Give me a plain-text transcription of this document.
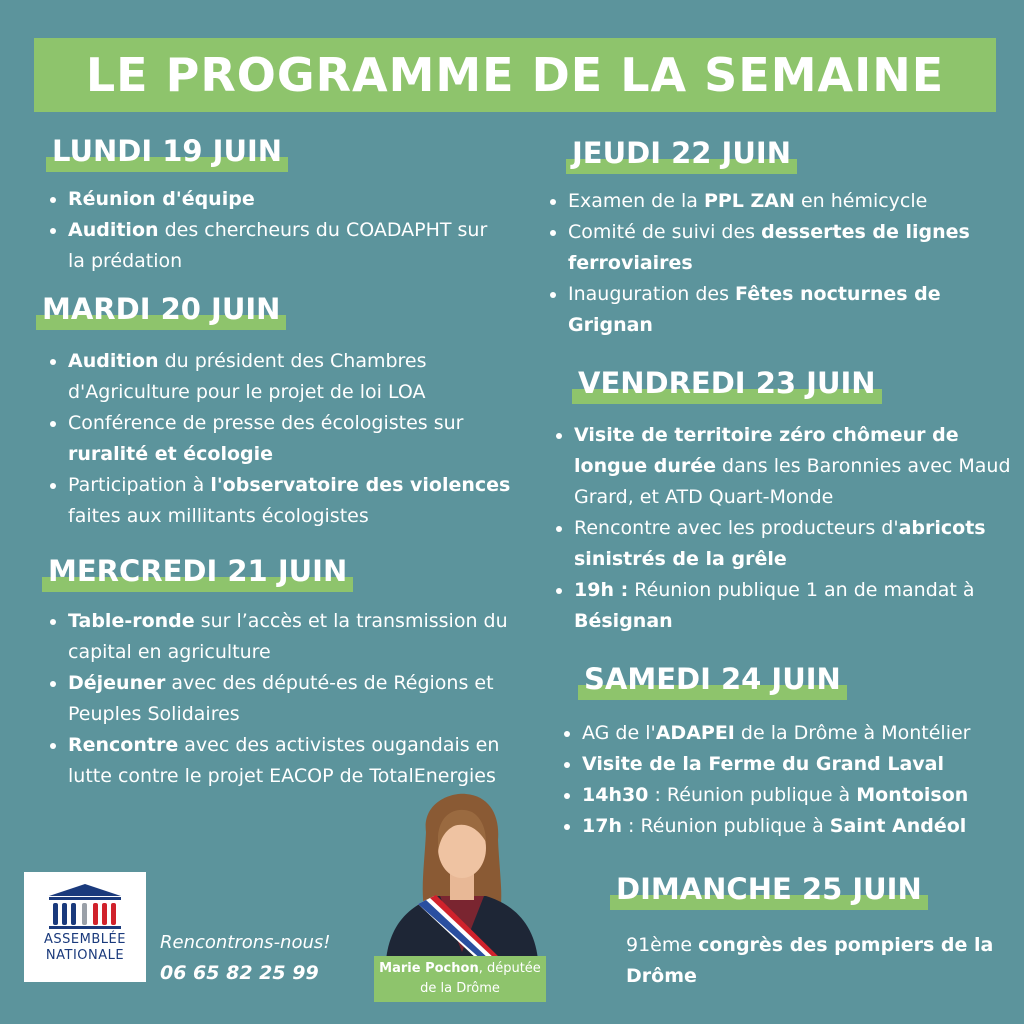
LE PROGRAMME DE LA SEMAINE
LUNDI 19 JUIN
• Réunion d'équipe
• Audition des chercheurs du COADAPHT sur la prédation
MARDI 20 JUIN
• Audition du président des Chambres d'Agriculture pour le projet de loi LOA
• Conférence de presse des écologistes sur ruralité et écologie
• Participation à l'observatoire des violences faites aux millitants écologistes
MERCREDI 21 JUIN
• Table-ronde sur l’accès et la transmission du capital en agriculture
• Déjeuner avec des député-es de Régions et Peuples Solidaires
• Rencontre avec des activistes ougandais en lutte contre le projet EACOP de TotalEnergies
JEUDI 22 JUIN
• Examen de la PPL ZAN en hémicycle
• Comité de suivi des dessertes de lignes ferroviaires
• Inauguration des Fêtes nocturnes de Grignan
VENDREDI 23 JUIN
• Visite de territoire zéro chômeur de longue durée dans les Baronnies avec Maud Grard, et ATD Quart-Monde
• Rencontre avec les producteurs d'abricots sinistrés de la grêle
• 19h : Réunion publique 1 an de mandat à Bésignan
SAMEDI 24 JUIN
• AG de l'ADAPEI de la Drôme à Montélier
• Visite de la Ferme du Grand Laval
• 14h30 : Réunion publique à Montoison
• 17h : Réunion publique à Saint Andéol
DIMANCHE 25 JUIN
91ème congrès des pompiers de la Drôme
ASSEMBLÉE
NATIONALE
Rencontrons-nous!
06 65 82 25 99	Marie Pochon, députée de la Drôme
